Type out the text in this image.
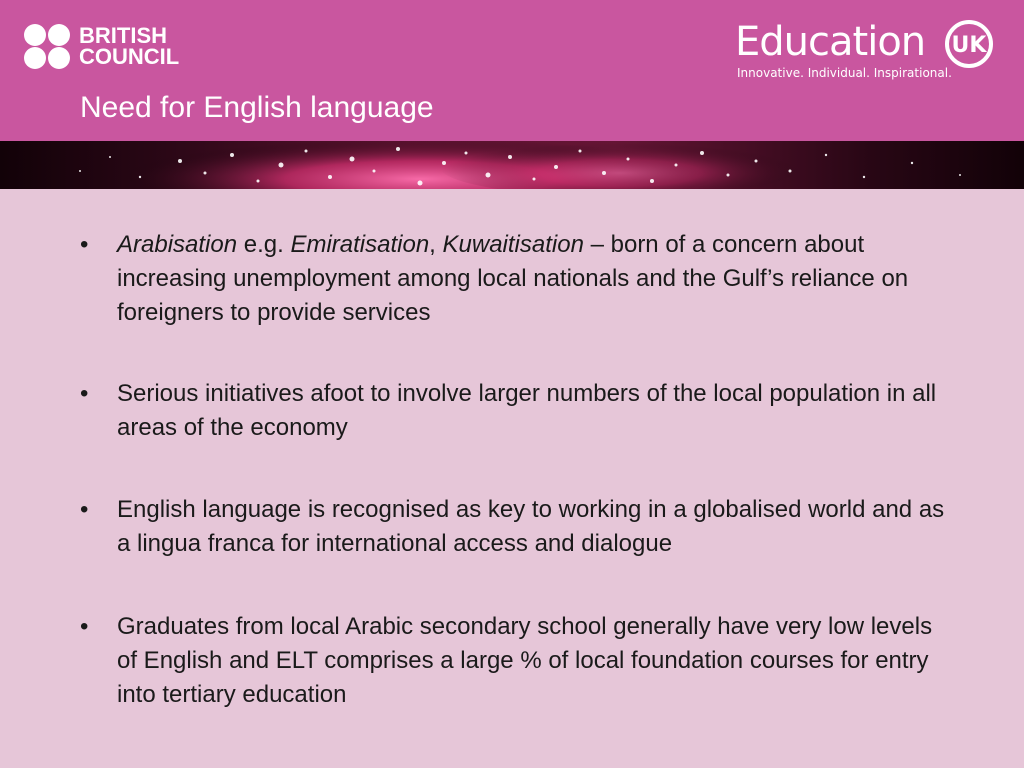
BRITISH
COUNCIL	Education UK
Innovative. Individual. Inspirational.
Need for English language
• Arabisation e.g. Emiratisation, Kuwaitisation – born of a concern about increasing unemployment among local nationals and the Gulf’s reliance on foreigners to provide services
• Serious initiatives afoot to involve larger numbers of the local population in all areas of the economy
• English language is recognised as key to working in a globalised world and as a lingua franca for international access and dialogue
• Graduates from local Arabic secondary school generally have very low levels of English and ELT comprises a large % of local foundation courses for entry into tertiary education
